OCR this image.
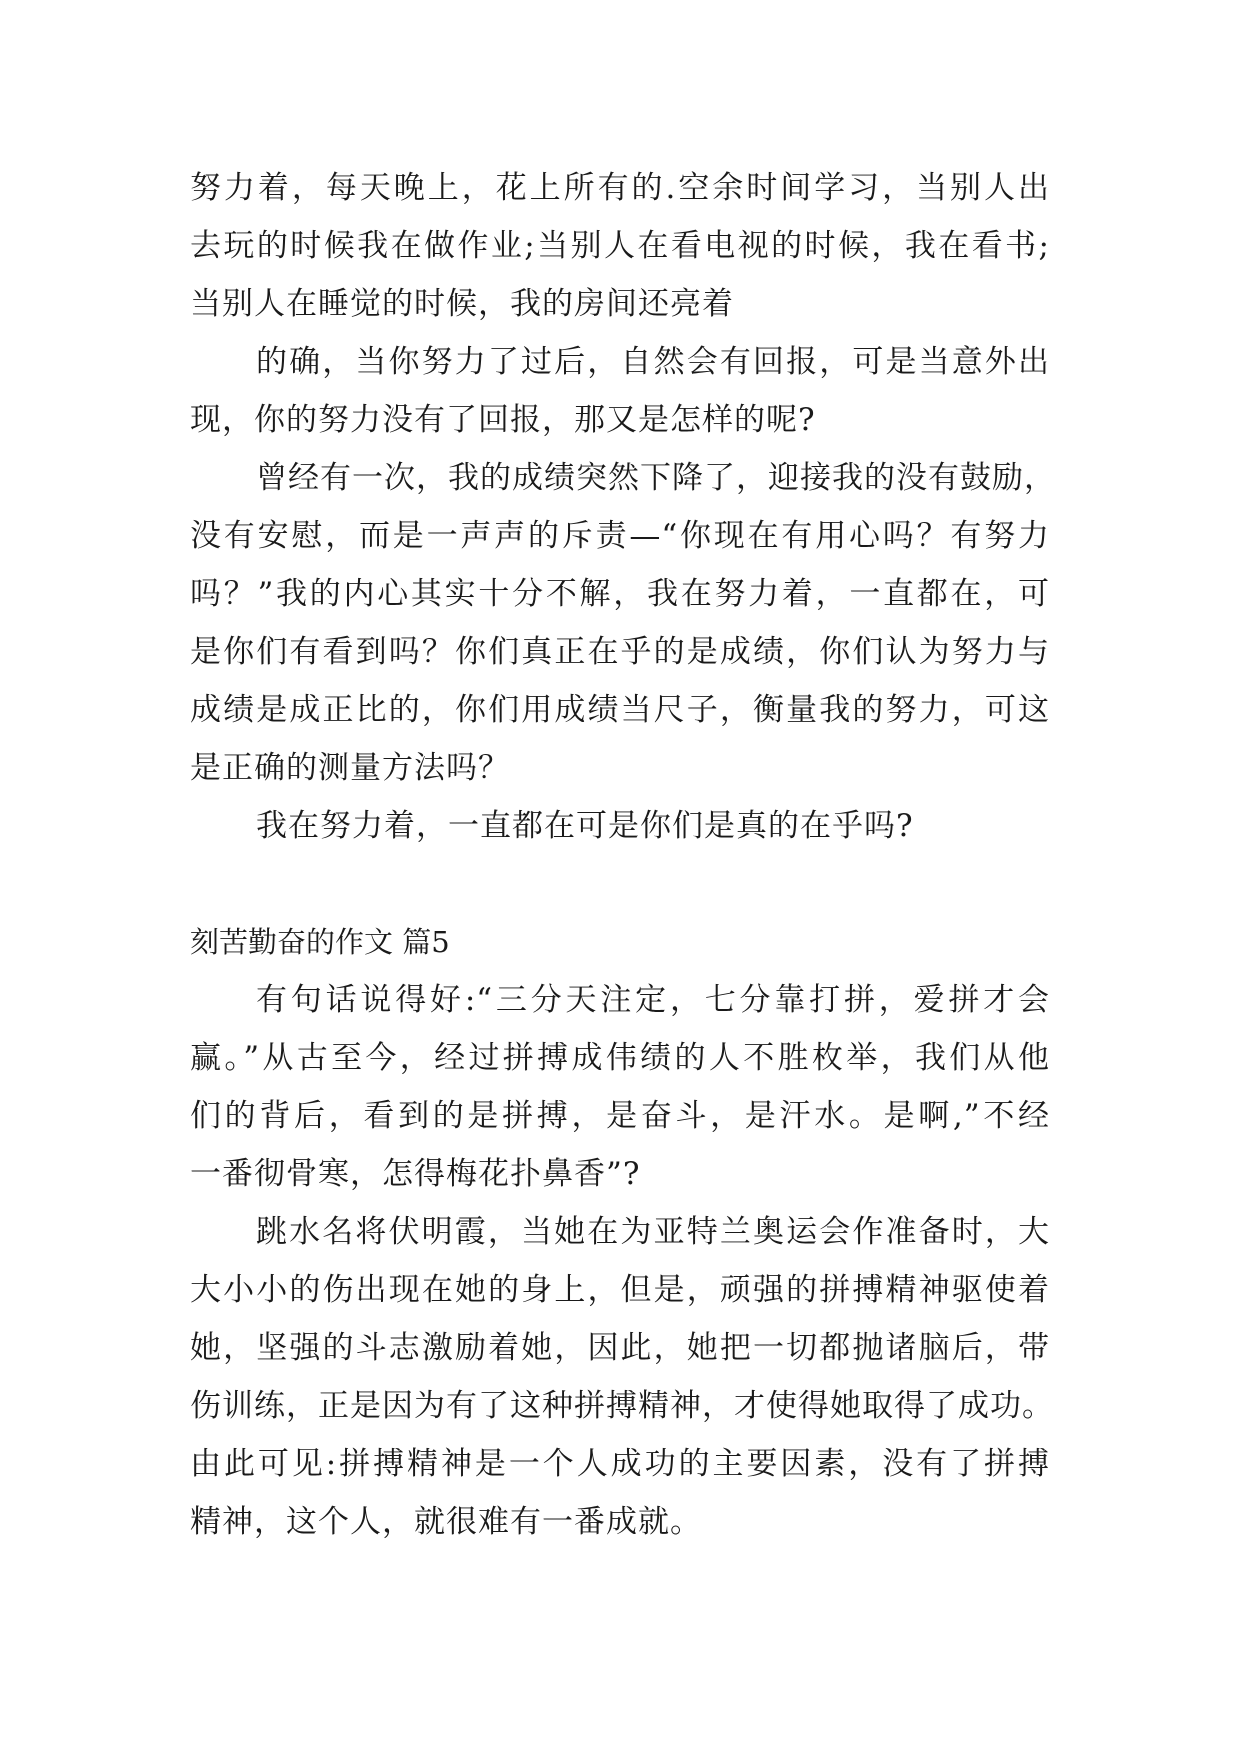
努力着，每天晚上，花上所有的.空余时间学习，当别人出
去玩的时候我在做作业;当别人在看电视的时候，我在看书;
当别人在睡觉的时候，我的房间还亮着
的确，当你努力了过后，自然会有回报，可是当意外出
现，你的努力没有了回报，那又是怎样的呢?
曾经有一次，我的成绩突然下降了，迎接我的没有鼓励，
没有安慰，而是一声声的斥责—“你现在有用心吗？有努力
吗？”我的内心其实十分不解，我在努力着，一直都在，可
是你们有看到吗？你们真正在乎的是成绩，你们认为努力与
成绩是成正比的，你们用成绩当尺子，衡量我的努力，可这
是正确的测量方法吗？
我在努力着，一直都在可是你们是真的在乎吗?
刻苦勤奋的作文 篇5
有句话说得好:“三分天注定，七分靠打拼，爱拼才会
赢。”从古至今，经过拼搏成伟绩的人不胜枚举，我们从他
们的背后，看到的是拼搏，是奋斗，是汗水。是啊,”不经
一番彻骨寒，怎得梅花扑鼻香”?
跳水名将伏明霞，当她在为亚特兰奥运会作准备时，大
大小小的伤出现在她的身上，但是，顽强的拼搏精神驱使着
她，坚强的斗志激励着她，因此，她把一切都抛诸脑后，带
伤训练，正是因为有了这种拼搏精神，才使得她取得了成功。
由此可见:拼搏精神是一个人成功的主要因素，没有了拼搏
精神，这个人，就很难有一番成就。
